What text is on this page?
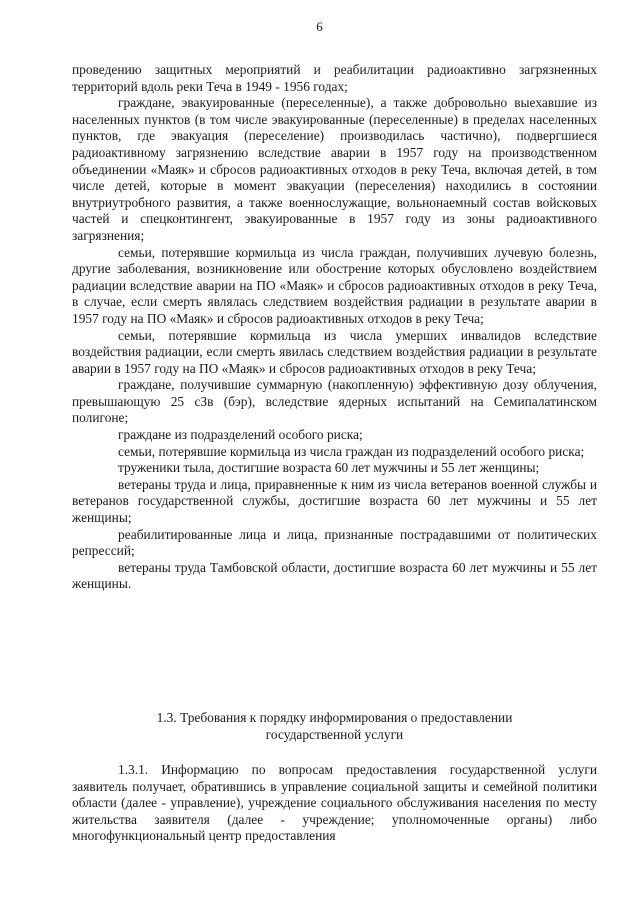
6

проведению защитных мероприятий и реабилитации радиоактивно загрязненных территорий вдоль реки Теча в 1949 - 1956 годах;

граждане, эвакуированные (переселенные), а также добровольно выехавшие из населенных пунктов (в том числе эвакуированные (переселенные) в пределах населенных пунктов, где эвакуация (переселение) производилась частично), подвергшиеся радиоактивному загрязнению вследствие аварии в 1957 году на производственном объединении «Маяк» и сбросов радиоактивных отходов в реку Теча, включая детей, в том числе детей, которые в момент эвакуации (переселения) находились в состоянии внутриутробного развития, а также военнослужащие, вольнонаемный состав войсковых частей и спецконтингент, эвакуированные в 1957 году из зоны радиоактивного загрязнения;

семьи, потерявшие кормильца из числа граждан, получивших лучевую болезнь, другие заболевания, возникновение или обострение которых обусловлено воздействием радиации вследствие аварии на ПО «Маяк» и сбросов радиоактивных отходов в реку Теча, в случае, если смерть являлась следствием воздействия радиации в результате аварии в 1957 году на ПО «Маяк» и сбросов радиоактивных отходов в реку Теча;

семьи, потерявшие кормильца из числа умерших инвалидов вследствие воздействия радиации, если смерть явилась следствием воздействия радиации в результате аварии в 1957 году на ПО «Маяк» и сбросов радиоактивных отходов в реку Теча;

граждане, получившие суммарную (накопленную) эффективную дозу облучения, превышающую 25 сЗв (бэр), вследствие ядерных испытаний на Семипалатинском полигоне;

граждане из подразделений особого риска;

семьи, потерявшие кормильца из числа граждан из подразделений особого риска;

труженики тыла, достигшие возраста 60 лет мужчины и 55 лет женщины;

ветераны труда и лица, приравненные к ним из числа ветеранов военной службы и ветеранов государственной службы, достигшие возраста 60 лет мужчины и 55 лет женщины;

реабилитированные лица и лица, признанные пострадавшими от политических репрессий;

ветераны труда Тамбовской области, достигшие возраста 60 лет мужчины и 55 лет женщины.

1.3. Требования к порядку информирования о предоставлении
государственной услуги

1.3.1. Информацию по вопросам предоставления государственной услуги заявитель получает, обратившись в управление социальной защиты и семейной политики области (далее - управление), учреждение социального обслуживания населения по месту жительства заявителя (далее - учреждение; уполномоченные органы) либо многофункциональный центр предоставления
